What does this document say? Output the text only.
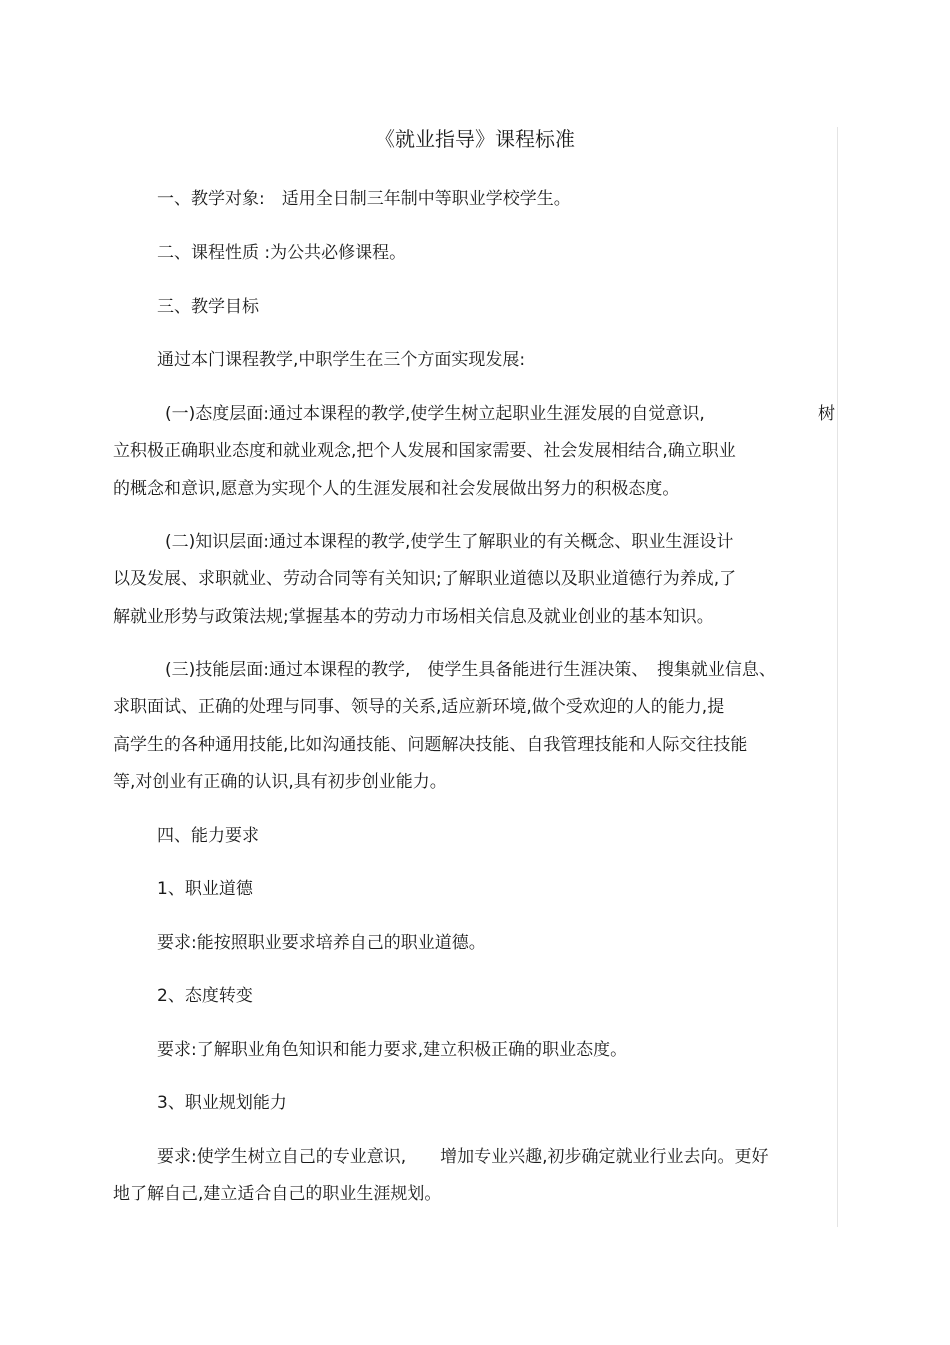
《就业指导》课程标准
一、教学对象:　适用全日制三年制中等职业学校学生。
二、课程性质 :为公共必修课程。
三、教学目标
通过本门课程教学,中职学生在三个方面实现发展:
(一)态度层面:通过本课程的教学,使学生树立起职业生涯发展的自觉意识,	树
立积极正确职业态度和就业观念,把个人发展和国家需要、社会发展相结合,确立职业
的概念和意识,愿意为实现个人的生涯发展和社会发展做出努力的积极态度。
(二)知识层面:通过本课程的教学,使学生了解职业的有关概念、职业生涯设计
以及发展、求职就业、劳动合同等有关知识;了解职业道德以及职业道德行为养成,了
解就业形势与政策法规;掌握基本的劳动力市场相关信息及就业创业的基本知识。
(三)技能层面:通过本课程的教学,　使学生具备能进行生涯决策、　搜集就业信息、
求职面试、正确的处理与同事、领导的关系,适应新环境,做个受欢迎的人的能力,提
高学生的各种通用技能,比如沟通技能、问题解决技能、自我管理技能和人际交往技能
等,对创业有正确的认识,具有初步创业能力。
四、能力要求
1、职业道德
要求:能按照职业要求培养自己的职业道德。
2、态度转变
要求:了解职业角色知识和能力要求,建立积极正确的职业态度。
3、职业规划能力
要求:使学生树立自己的专业意识,　　增加专业兴趣,初步确定就业行业去向。更好
地了解自己,建立适合自己的职业生涯规划。
